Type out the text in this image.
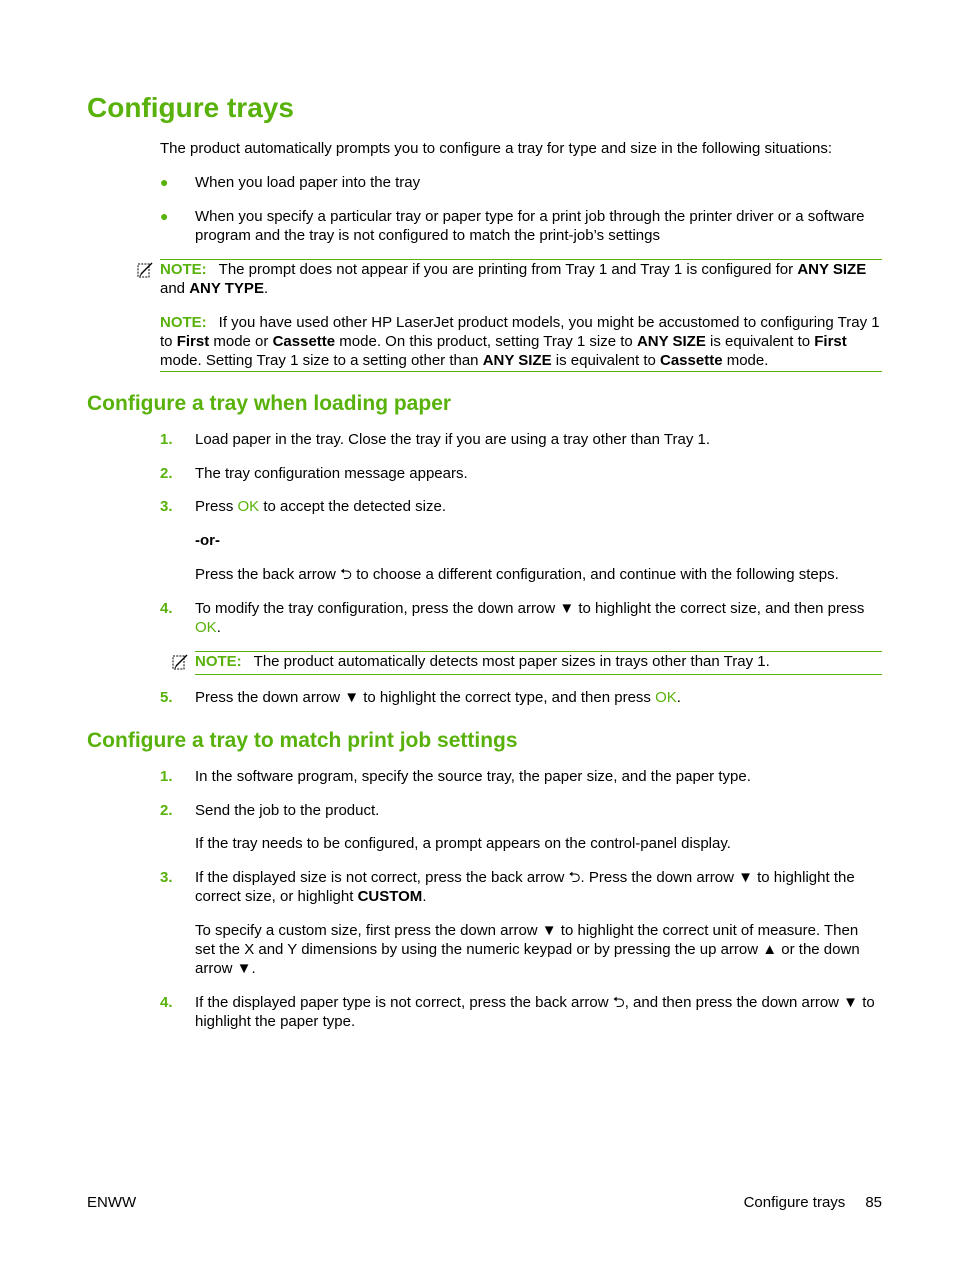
Configure trays
The product automatically prompts you to configure a tray for type and size in the following situations:
●	When you load paper into the tray
●	When you specify a particular tray or paper type for a print job through the printer driver or a software program and the tray is not configured to match the print-job’s settings
NOTE: The prompt does not appear if you are printing from Tray 1 and Tray 1 is configured for ANY SIZE and ANY TYPE.
NOTE: If you have used other HP LaserJet product models, you might be accustomed to configuring Tray 1 to First mode or Cassette mode. On this product, setting Tray 1 size to ANY SIZE is equivalent to First mode. Setting Tray 1 size to a setting other than ANY SIZE is equivalent to Cassette mode.
Configure a tray when loading paper
1. Load paper in the tray. Close the tray if you are using a tray other than Tray 1.
2. The tray configuration message appears.
3. Press OK to accept the detected size.
-or-
Press the back arrow ⮌ to choose a different configuration, and continue with the following steps.
4. To modify the tray configuration, press the down arrow ▼ to highlight the correct size, and then press OK.
NOTE: The product automatically detects most paper sizes in trays other than Tray 1.
5. Press the down arrow ▼ to highlight the correct type, and then press OK.
Configure a tray to match print job settings
1. In the software program, specify the source tray, the paper size, and the paper type.
2. Send the job to the product.
If the tray needs to be configured, a prompt appears on the control-panel display.
3. If the displayed size is not correct, press the back arrow ⮌. Press the down arrow ▼ to highlight the correct size, or highlight CUSTOM.
To specify a custom size, first press the down arrow ▼ to highlight the correct unit of measure. Then set the X and Y dimensions by using the numeric keypad or by pressing the up arrow ▲ or the down arrow ▼.
4. If the displayed paper type is not correct, press the back arrow ⮌, and then press the down arrow ▼ to highlight the paper type.
ENWW	Configure trays 85
